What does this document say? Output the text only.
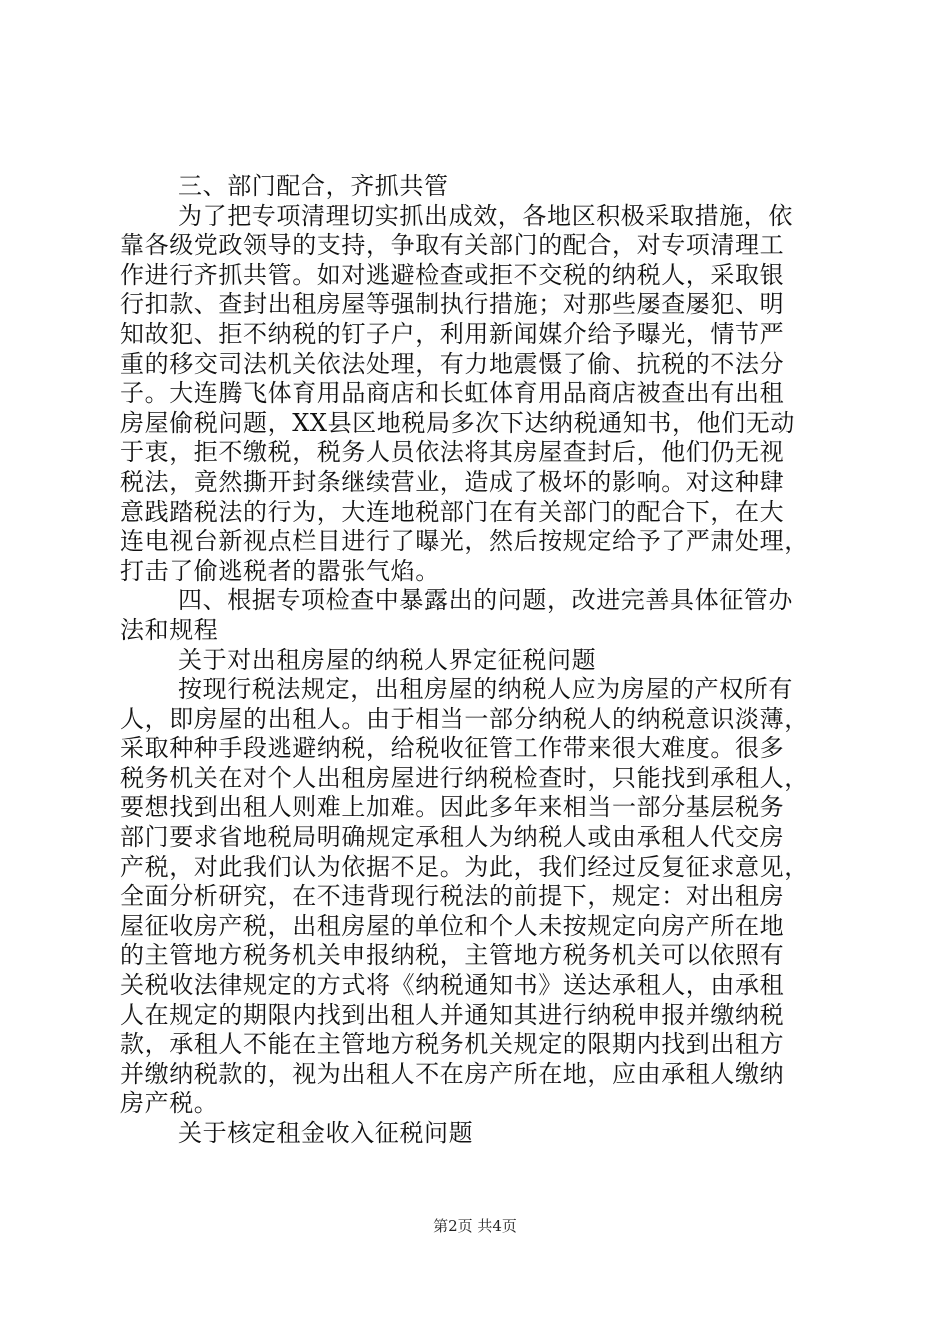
三、部门配合，齐抓共管
为了把专项清理切实抓出成效，各地区积极采取措施，依
靠各级党政领导的支持，争取有关部门的配合，对专项清理工
作进行齐抓共管。如对逃避检查或拒不交税的纳税人，采取银
行扣款、查封出租房屋等强制执行措施；对那些屡查屡犯、明
知故犯、拒不纳税的钉子户，利用新闻媒介给予曝光，情节严
重的移交司法机关依法处理，有力地震慑了偷、抗税的不法分
子。大连腾飞体育用品商店和长虹体育用品商店被查出有出租
房屋偷税问题，XX县区地税局多次下达纳税通知书，他们无动
于衷，拒不缴税，税务人员依法将其房屋查封后，他们仍无视
税法，竟然撕开封条继续营业，造成了极坏的影响。对这种肆
意践踏税法的行为，大连地税部门在有关部门的配合下，在大
连电视台新视点栏目进行了曝光，然后按规定给予了严肃处理，
打击了偷逃税者的嚣张气焰。
四、根据专项检查中暴露出的问题，改进完善具体征管办
法和规程
关于对出租房屋的纳税人界定征税问题
按现行税法规定，出租房屋的纳税人应为房屋的产权所有
人，即房屋的出租人。由于相当一部分纳税人的纳税意识淡薄，
采取种种手段逃避纳税，给税收征管工作带来很大难度。很多
税务机关在对个人出租房屋进行纳税检查时，只能找到承租人，
要想找到出租人则难上加难。因此多年来相当一部分基层税务
部门要求省地税局明确规定承租人为纳税人或由承租人代交房
产税，对此我们认为依据不足。为此，我们经过反复征求意见，
全面分析研究，在不违背现行税法的前提下，规定：对出租房
屋征收房产税，出租房屋的单位和个人未按规定向房产所在地
的主管地方税务机关申报纳税，主管地方税务机关可以依照有
关税收法律规定的方式将《纳税通知书》送达承租人，由承租
人在规定的期限内找到出租人并通知其进行纳税申报并缴纳税
款，承租人不能在主管地方税务机关规定的限期内找到出租方
并缴纳税款的，视为出租人不在房产所在地，应由承租人缴纳
房产税。
关于核定租金收入征税问题
第2页 共4页
